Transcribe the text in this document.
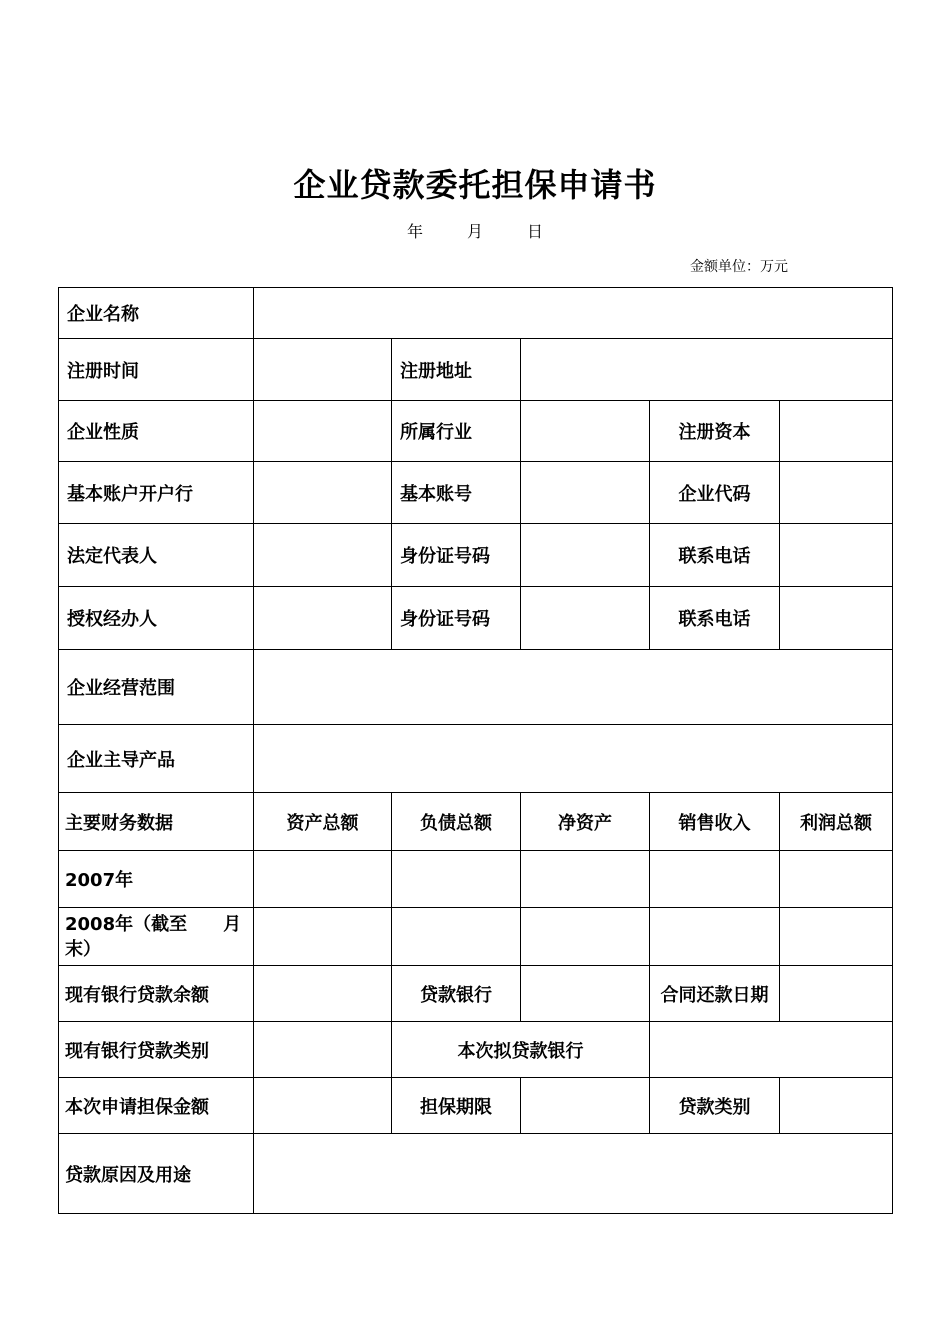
企业贷款委托担保申请书
年	月	日
金额单位：万元
企业名称					
注册时间		注册地址			
企业性质		所属行业		注册资本	
基本账户开户行		基本账号		企业代码	
法定代表人		身份证号码		联系电话	
授权经办人		身份证号码		联系电话	
企业经营范围					
企业主导产品					
主要财务数据	资产总额	负债总额	净资产	销售收入	利润总额
2007年					
2008年（截至　　月末）					
现有银行贷款余额		贷款银行		合同还款日期	
现有银行贷款类别		本次拟贷款银行			
本次申请担保金额		担保期限		贷款类别	
贷款原因及用途					
